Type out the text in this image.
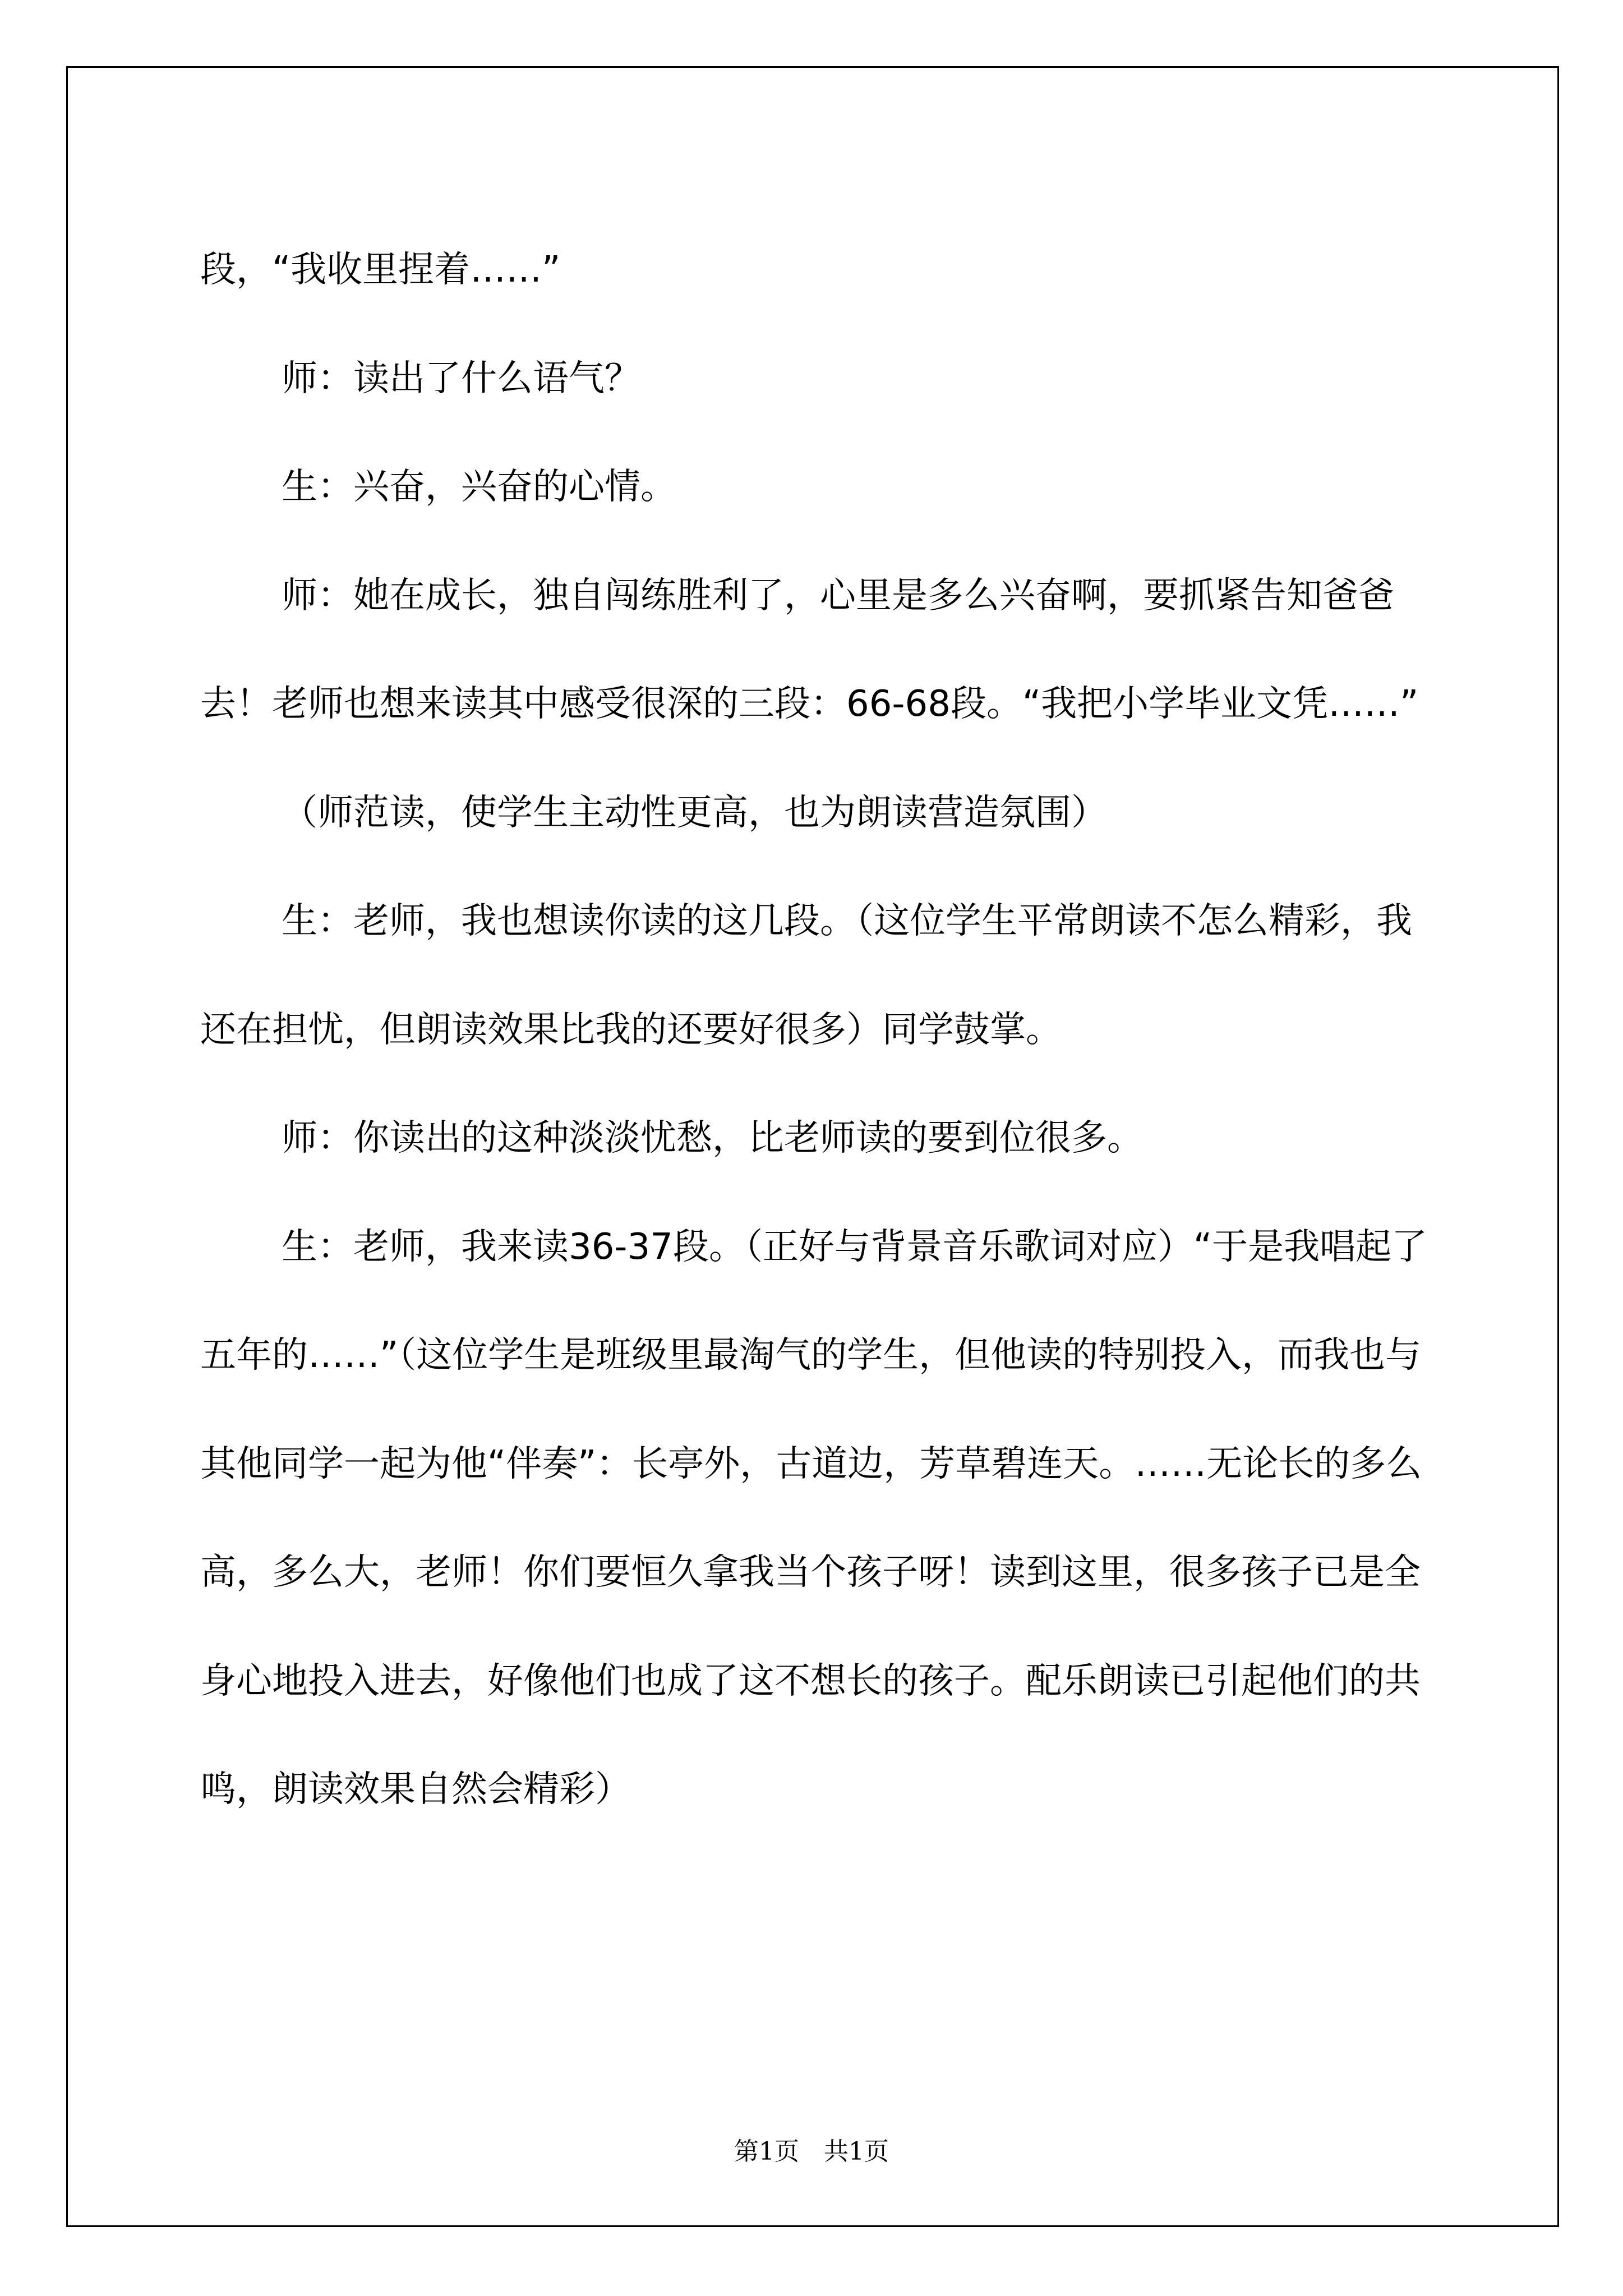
段，“我收里捏着……”

师：读出了什么语气？

生：兴奋，兴奋的心情。

师：她在成长，独自闯练胜利了，心里是多么兴奋啊，要抓紧告知爸爸去！老师也想来读其中感受很深的三段：66-68段。“我把小学毕业文凭……”

（师范读，使学生主动性更高，也为朗读营造氛围）

生：老师，我也想读你读的这几段。（这位学生平常朗读不怎么精彩，我还在担忧，但朗读效果比我的还要好很多）同学鼓掌。

师：你读出的这种淡淡忧愁，比老师读的要到位很多。

生：老师，我来读36-37段。（正好与背景音乐歌词对应）“于是我唱起了五年的……”（这位学生是班级里最淘气的学生，但他读的特别投入，而我也与其他同学一起为他“伴奏”：长亭外，古道边，芳草碧连天。……无论长的多么高，多么大，老师！你们要恒久拿我当个孩子呀！读到这里，很多孩子已是全身心地投入进去，好像他们也成了这不想长的孩子。配乐朗读已引起他们的共鸣，朗读效果自然会精彩）

第1页　共1页
